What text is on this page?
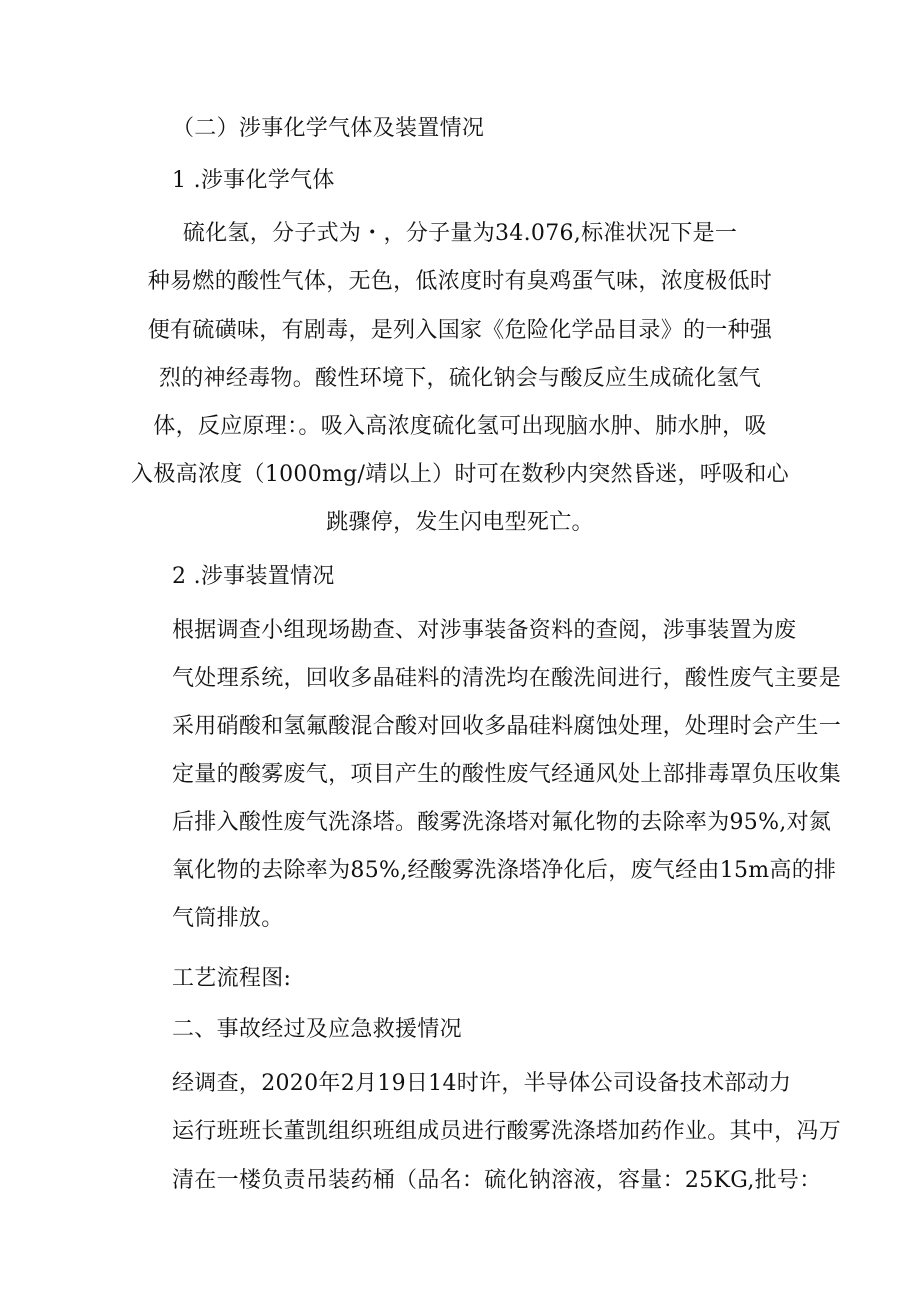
（二）涉事化学气体及装置情况
1 .涉事化学气体
硫化氢，分子式为・，分子量为34.076,标准状况下是一
种易燃的酸性气体，无色，低浓度时有臭鸡蛋气味，浓度极低时
便有硫磺味，有剧毒，是列入国家《危险化学品目录》的一种强
烈的神经毒物。酸性环境下，硫化钠会与酸反应生成硫化氢气
体，反应原理：。吸入高浓度硫化氢可出现脑水肿、肺水肿，吸
入极高浓度（1000mg/靖以上）时可在数秒内突然昏迷，呼吸和心
跳骤停，发生闪电型死亡。
2 .涉事装置情况
根据调查小组现场勘查、对涉事装备资料的查阅，涉事装置为废
气处理系统，回收多晶硅料的清洗均在酸洗间进行，酸性废气主要是
采用硝酸和氢氟酸混合酸对回收多晶硅料腐蚀处理，处理时会产生一
定量的酸雾废气，项目产生的酸性废气经通风处上部排毒罩负压收集
后排入酸性废气洗涤塔。酸雾洗涤塔对氟化物的去除率为95%,对氮
氧化物的去除率为85%,经酸雾洗涤塔净化后，废气经由15m高的排
气筒排放。
工艺流程图:
二、事故经过及应急救援情况
经调查，2020年2月19日14时许，半导体公司设备技术部动力
运行班班长董凯组织班组成员进行酸雾洗涤塔加药作业。其中，冯万
清在一楼负责吊装药桶（品名：硫化钠溶液，容量：25KG,批号：
